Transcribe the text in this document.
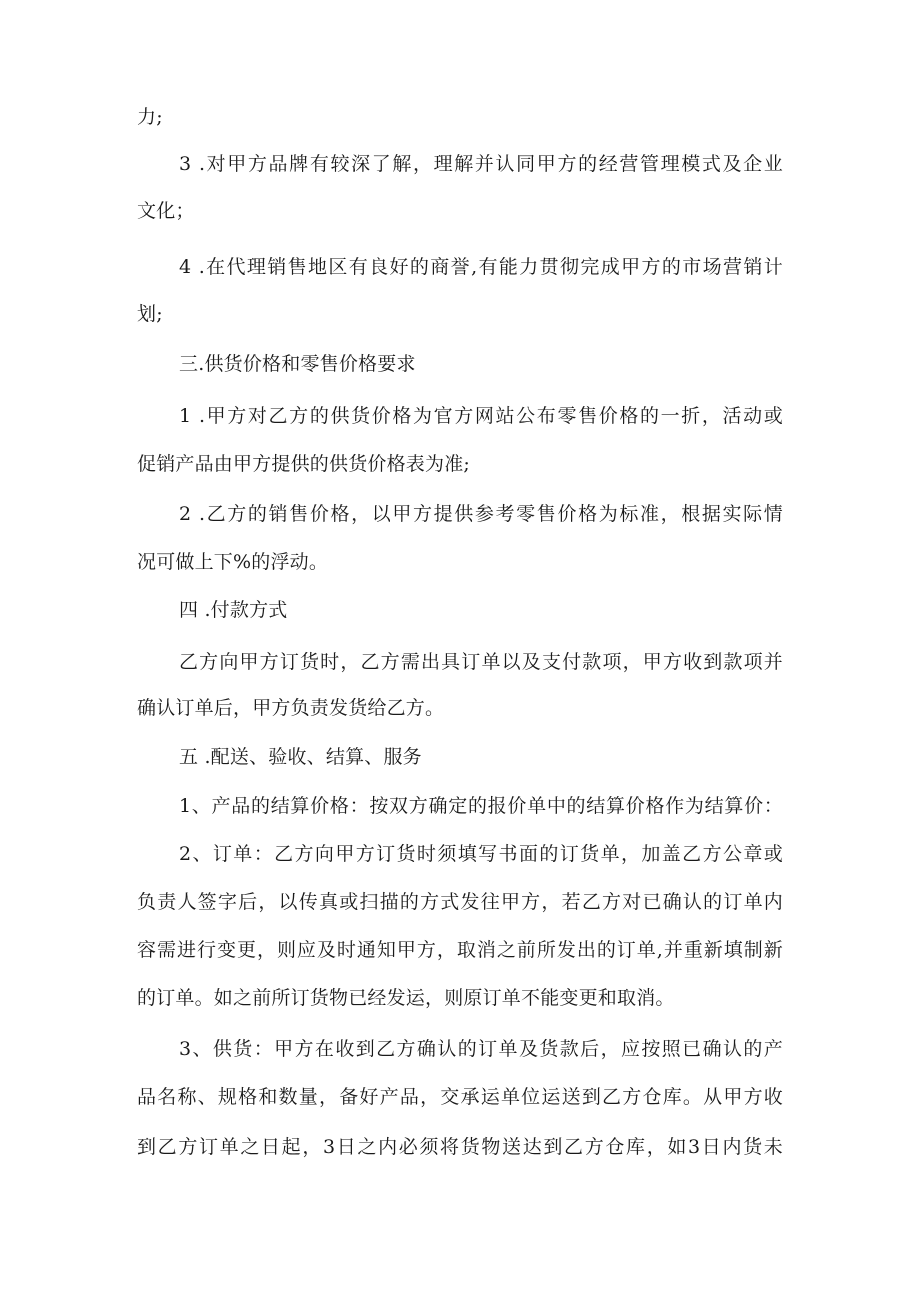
力;
3 .对甲方品牌有较深了解，理解并认同甲方的经营管理模式及企业
文化；
4 .在代理销售地区有良好的商誉,有能力贯彻完成甲方的市场营销计
划;
三.供货价格和零售价格要求
1 .甲方对乙方的供货价格为官方网站公布零售价格的一折，活动或
促销产品由甲方提供的供货价格表为准;
2 .乙方的销售价格，以甲方提供参考零售价格为标准，根据实际情
况可做上下%的浮动。
四 .付款方式
乙方向甲方订货时，乙方需出具订单以及支付款项，甲方收到款项并
确认订单后，甲方负责发货给乙方。
五 .配送、验收、结算、服务
1、产品的结算价格：按双方确定的报价单中的结算价格作为结算价：
2、订单：乙方向甲方订货时须填写书面的订货单，加盖乙方公章或
负责人签字后，以传真或扫描的方式发往甲方，若乙方对已确认的订单内
容需进行变更，则应及时通知甲方，取消之前所发出的订单,并重新填制新
的订单。如之前所订货物已经发运，则原订单不能变更和取消。
3、供货：甲方在收到乙方确认的订单及货款后，应按照已确认的产
品名称、规格和数量，备好产品，交承运单位运送到乙方仓库。从甲方收
到乙方订单之日起，3日之内必须将货物送达到乙方仓库，如3日内货未
